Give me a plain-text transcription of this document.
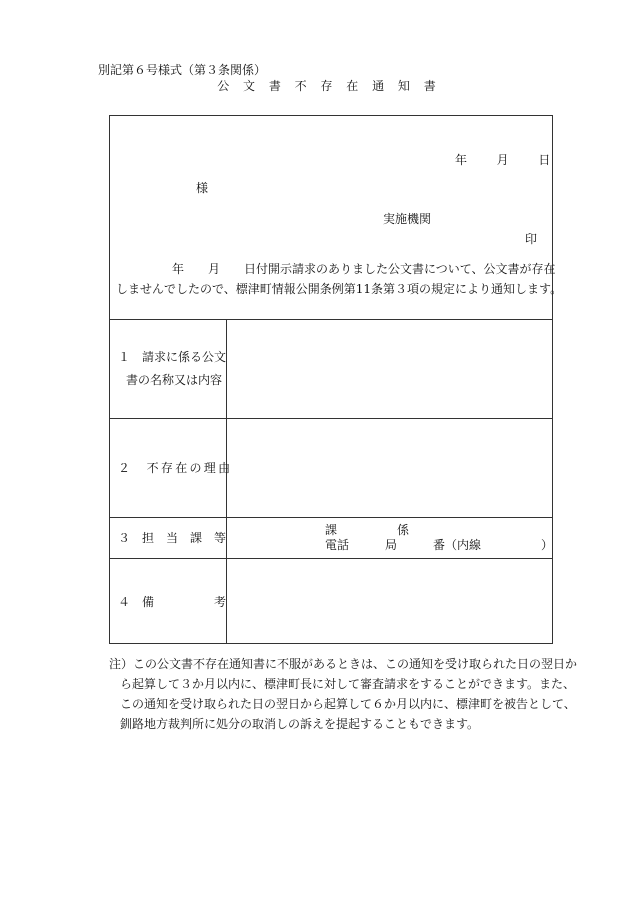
別記第６号様式（第３条関係）
公 文 書 不 存 在 通 知 書
年 月 日
様
実施機関
印
年　　月　　日付開示請求のありました公文書について、公文書が存在
しませんでしたので、標津町情報公開条例第11条第３項の規定により通知します。
１　請求に係る公文
書の名称又は内容
２　不存在の理由
３　担　当　課　等
課　　　　　係
電話　　　局　　　番（内線　　　　　）
４　備　　　　　考
注）この公文書不存在通知書に不服があるときは、この通知を受け取られた日の翌日か
ら起算して３か月以内に、標津町長に対して審査請求をすることができます。また、
この通知を受け取られた日の翌日から起算して６か月以内に、標津町を被告として、
釧路地方裁判所に処分の取消しの訴えを提起することもできます。
